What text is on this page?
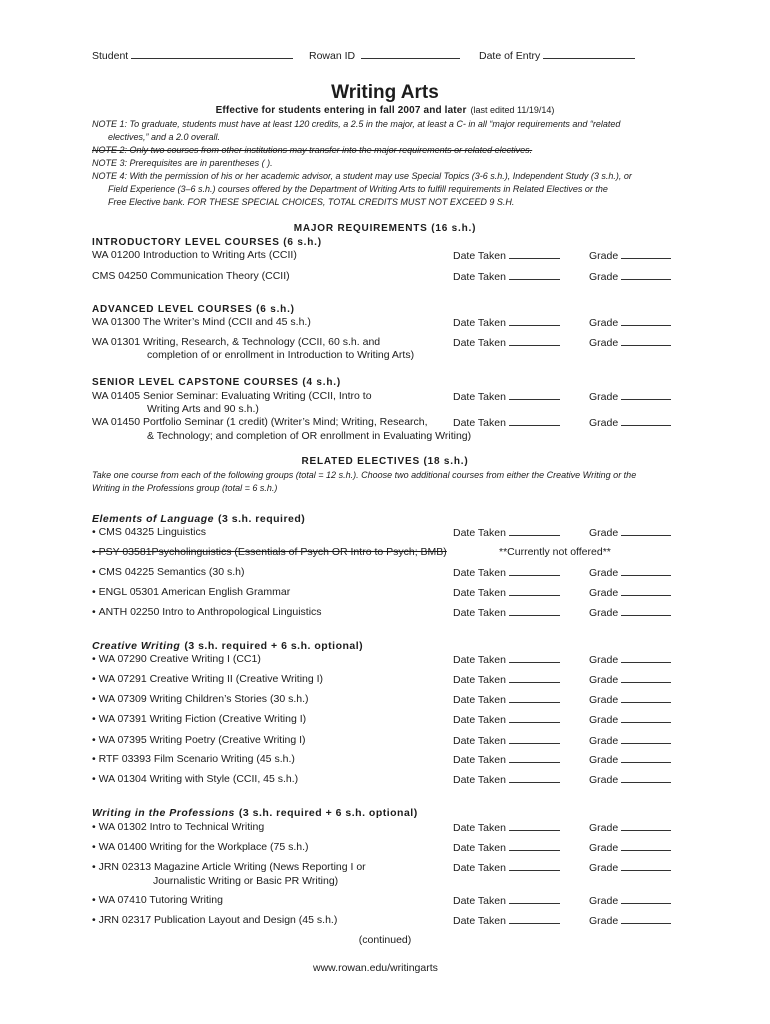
Student	Rowan ID	Date of Entry
Writing Arts
Effective for students entering in fall 2007 and later (last edited 11/19/14)
NOTE 1: To graduate, students must have at least 120 credits, a 2.5 in the major, at least a C- in all “major requirements and “related
electives,” and a 2.0 overall.
NOTE 2: Only two courses from other institutions may transfer into the major requirements or related electives.
NOTE 3: Prerequisites are in parentheses ( ).
NOTE 4: With the permission of his or her academic advisor, a student may use Special Topics (3-6 s.h.), Independent Study (3 s.h.), or
Field Experience (3–6 s.h.) courses offered by the Department of Writing Arts to fulfill requirements in Related Electives or the
Free Elective bank. FOR THESE SPECIAL CHOICES, TOTAL CREDITS MUST NOT EXCEED 9 S.H.
MAJOR REQUIREMENTS (16 s.h.)
INTRODUCTORY LEVEL COURSES (6 s.h.)
WA 01200 Introduction to Writing Arts (CCII)	Date Taken	Grade
CMS 04250 Communication Theory (CCII)	Date Taken	Grade
ADVANCED LEVEL COURSES (6 s.h.)
WA 01300 The Writer’s Mind (CCII and 45 s.h.)	Date Taken	Grade
WA 01301 Writing, Research, & Technology (CCII, 60 s.h. and	Date Taken	Grade
completion of or enrollment in Introduction to Writing Arts)
SENIOR LEVEL CAPSTONE COURSES (4 s.h.)
WA 01405 Senior Seminar: Evaluating Writing (CCII, Intro to	Date Taken	Grade
Writing Arts and 90 s.h.)
WA 01450 Portfolio Seminar (1 credit) (Writer’s Mind; Writing, Research, Date Taken	Grade
& Technology; and completion of OR enrollment in Evaluating Writing)
RELATED ELECTIVES (18 s.h.)
Take one course from each of the following groups (total = 12 s.h.). Choose two additional courses from either the Creative Writing or the
Writing in the Professions group (total = 6 s.h.)
Elements of Language (3 s.h. required)
• CMS 04325 Linguistics	Date Taken	Grade
• PSY 03581Psycholinguistics (Essentials of Psych OR Intro to Psych; BMB)	**Currently not offered**
• CMS 04225 Semantics (30 s.h)	Date Taken	Grade
• ENGL 05301 American English Grammar	Date Taken	Grade
• ANTH 02250 Intro to Anthropological Linguistics	Date Taken	Grade
Creative Writing (3 s.h. required + 6 s.h. optional)
• WA 07290 Creative Writing I (CC1)	Date Taken	Grade
• WA 07291 Creative Writing II (Creative Writing I)	Date Taken	Grade
• WA 07309 Writing Children’s Stories (30 s.h.)	Date Taken	Grade
• WA 07391 Writing Fiction (Creative Writing I)	Date Taken	Grade
• WA 07395 Writing Poetry (Creative Writing I)	Date Taken	Grade
• RTF 03393 Film Scenario Writing (45 s.h.)	Date Taken	Grade
• WA 01304 Writing with Style (CCII, 45 s.h.)	Date Taken	Grade
Writing in the Professions (3 s.h. required + 6 s.h. optional)
• WA 01302 Intro to Technical Writing	Date Taken	Grade
• WA 01400 Writing for the Workplace (75 s.h.)	Date Taken	Grade
• JRN 02313 Magazine Article Writing (News Reporting I or	Date Taken	Grade
Journalistic Writing or Basic PR Writing)
• WA 07410 Tutoring Writing	Date Taken	Grade
• JRN 02317 Publication Layout and Design (45 s.h.)	Date Taken	Grade
(continued)
www.rowan.edu/writingarts
